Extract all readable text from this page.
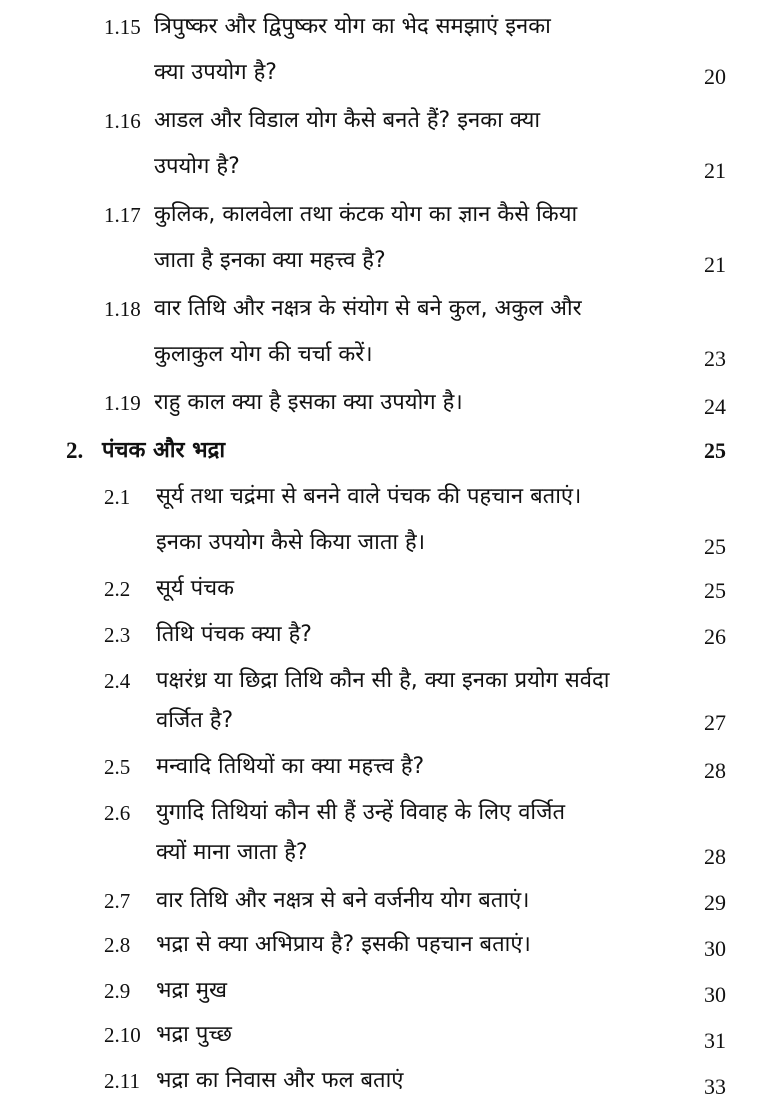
1.15 त्रिपुष्कर और द्विपुष्कर योग का भेद समझाएं इनका
क्या उपयोग है?	20
1.16 आडल और विडाल योग कैसे बनते हैं? इनका क्या
उपयोग है?	21
1.17 कुलिक, कालवेला तथा कंटक योग का ज्ञान कैसे किया
जाता है इनका क्या महत्त्व है?	21
1.18 वार तिथि और नक्षत्र के संयोग से बने कुल, अकुल और
कुलाकुल योग की चर्चा करें।	23
1.19 राहु काल क्या है इसका क्या उपयोग है।	24
2. पंचक और भद्रा	25
2.1 सूर्य तथा चद्रंमा से बनने वाले पंचक की पहचान बताएं।
इनका उपयोग कैसे किया जाता है।	25
2.2 सूर्य पंचक	25
2.3 तिथि पंचक क्या है?	26
2.4 पक्षरंध्र या छिद्रा तिथि कौन सी है, क्या इनका प्रयोग सर्वदा
वर्जित है?	27
2.5 मन्वादि तिथियों का क्या महत्त्व है?	28
2.6 युगादि तिथियां कौन सी हैं उन्हें विवाह के लिए वर्जित
क्यों माना जाता है?	28
2.7 वार तिथि और नक्षत्र से बने वर्जनीय योग बताएं।	29
2.8 भद्रा से क्या अभिप्राय है? इसकी पहचान बताएं।	30
2.9 भद्रा मुख	30
2.10 भद्रा पुच्छ	31
2.11 भद्रा का निवास और फल बताएं	33
